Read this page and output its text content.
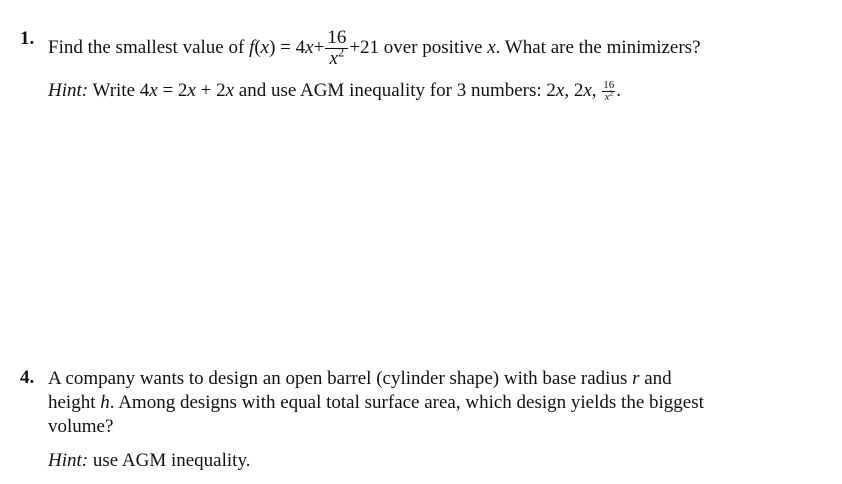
1. Find the smallest value of $f(x) = 4x+ \frac{16}{x^2} +21$ over positive x. What are the minimizers?
Hint: Write 4x = 2x + 2x and use AGM inequality for 3 numbers: 2x, 2x, $\frac{16}{x^2}$ .
4. A company wants to design an open barrel (cylinder shape) with base radius r and
height h. Among designs with equal total surface area, which design yields the biggest
volume?
Hint: use AGM inequality.
